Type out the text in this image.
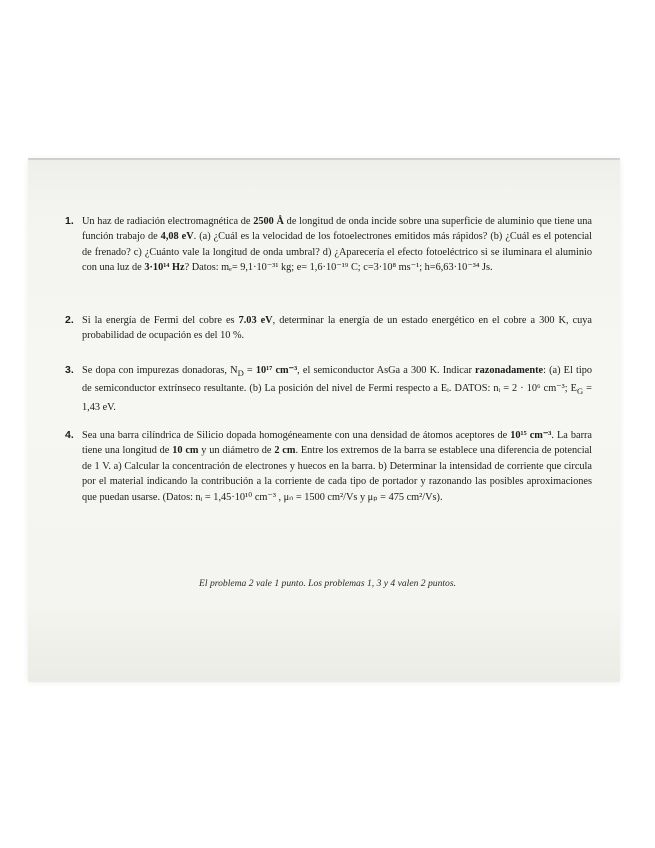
1. Un haz de radiación electromagnética de 2500 Å de longitud de onda incide sobre una superficie de aluminio que tiene una función trabajo de 4,08 eV. (a) ¿Cuál es la velocidad de los fotoelectrones emitidos más rápidos? (b) ¿Cuál es el potencial de frenado? c) ¿Cuánto vale la longitud de onda umbral? d) ¿Aparecería el efecto fotoeléctrico si se iluminara el aluminio con una luz de 3·10¹⁴ Hz? Datos: mₑ= 9,1·10⁻³¹ kg; e= 1,6·10⁻¹⁹ C; c=3·10⁸ ms⁻¹; h=6,63·10⁻³⁴ Js.
2. Si la energía de Fermi del cobre es 7.03 eV, determinar la energía de un estado energético en el cobre a 300 K, cuya probabilidad de ocupación es del 10 %.
3. Se dopa con impurezas donadoras, $N_D = 10^{17}$ cm⁻³, el semiconductor AsGa a 300 K. Indicar razonadamente: (a) El tipo de semiconductor extrínseco resultante. (b) La posición del nivel de Fermi respecto a Eᵢ. DATOS: nᵢ = 2 · 10⁶ cm⁻³; $E_G = 1,43$ eV.
4. Sea una barra cilíndrica de Silicio dopada homogéneamente con una densidad de átomos aceptores de 10¹⁵ cm⁻³. La barra tiene una longitud de 10 cm y un diámetro de 2 cm. Entre los extremos de la barra se establece una diferencia de potencial de 1 V. a) Calcular la concentración de electrones y huecos en la barra. b) Determinar la intensidad de corriente que circula por el material indicando la contribución a la corriente de cada tipo de portador y razonando las posibles aproximaciones que puedan usarse. (Datos: nᵢ = 1,45·10¹⁰ cm⁻³ , μₙ = 1500 cm²/Vs y μₚ = 475 cm²/Vs).
El problema 2 vale 1 punto. Los problemas 1, 3 y 4 valen 2 puntos.
